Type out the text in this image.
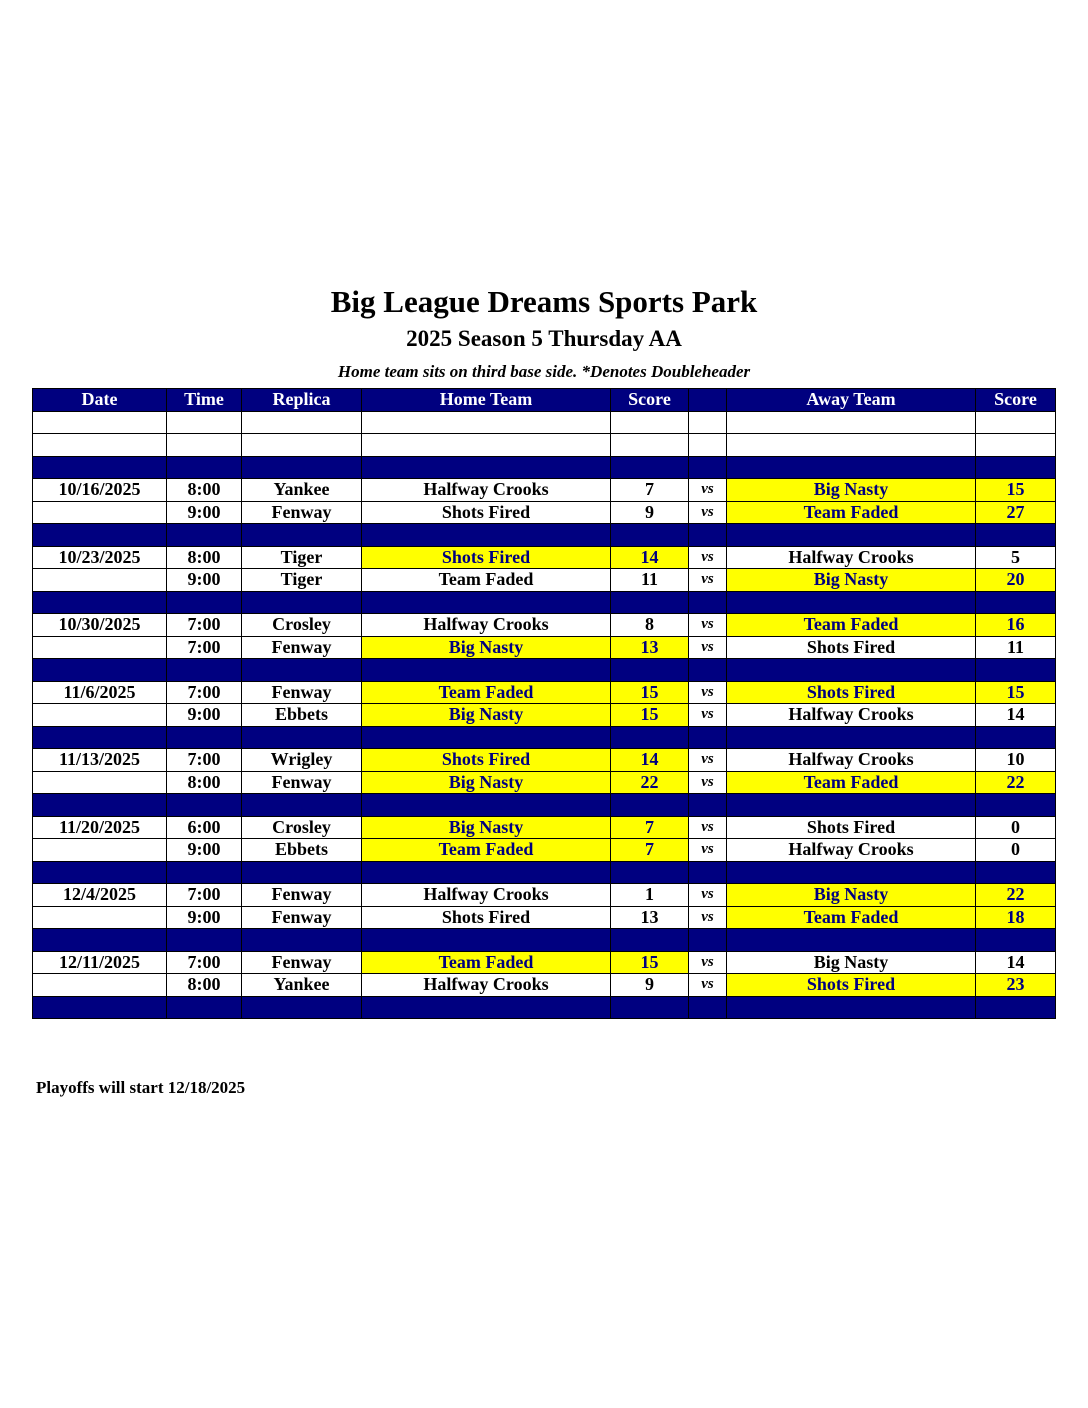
Big League Dreams Sports Park
2025 Season 5 Thursday AA
Home team sits on third base side. *Denotes Doubleheader
Date	Time	Replica	Home Team	Score		Away Team	Score

10/16/2025	8:00	Yankee	Halfway Crooks	7	vs	Big Nasty	15
	9:00	Fenway	Shots Fired	9	vs	Team Faded	27

10/23/2025	8:00	Tiger	Shots Fired	14	vs	Halfway Crooks	5
	9:00	Tiger	Team Faded	11	vs	Big Nasty	20

10/30/2025	7:00	Crosley	Halfway Crooks	8	vs	Team Faded	16
	7:00	Fenway	Big Nasty	13	vs	Shots Fired	11

11/6/2025	7:00	Fenway	Team Faded	15	vs	Shots Fired	15
	9:00	Ebbets	Big Nasty	15	vs	Halfway Crooks	14

11/13/2025	7:00	Wrigley	Shots Fired	14	vs	Halfway Crooks	10
	8:00	Fenway	Big Nasty	22	vs	Team Faded	22

11/20/2025	6:00	Crosley	Big Nasty	7	vs	Shots Fired	0
	9:00	Ebbets	Team Faded	7	vs	Halfway Crooks	0

12/4/2025	7:00	Fenway	Halfway Crooks	1	vs	Big Nasty	22
	9:00	Fenway	Shots Fired	13	vs	Team Faded	18

12/11/2025	7:00	Fenway	Team Faded	15	vs	Big Nasty	14
	8:00	Yankee	Halfway Crooks	9	vs	Shots Fired	23

Playoffs will start 12/18/2025
